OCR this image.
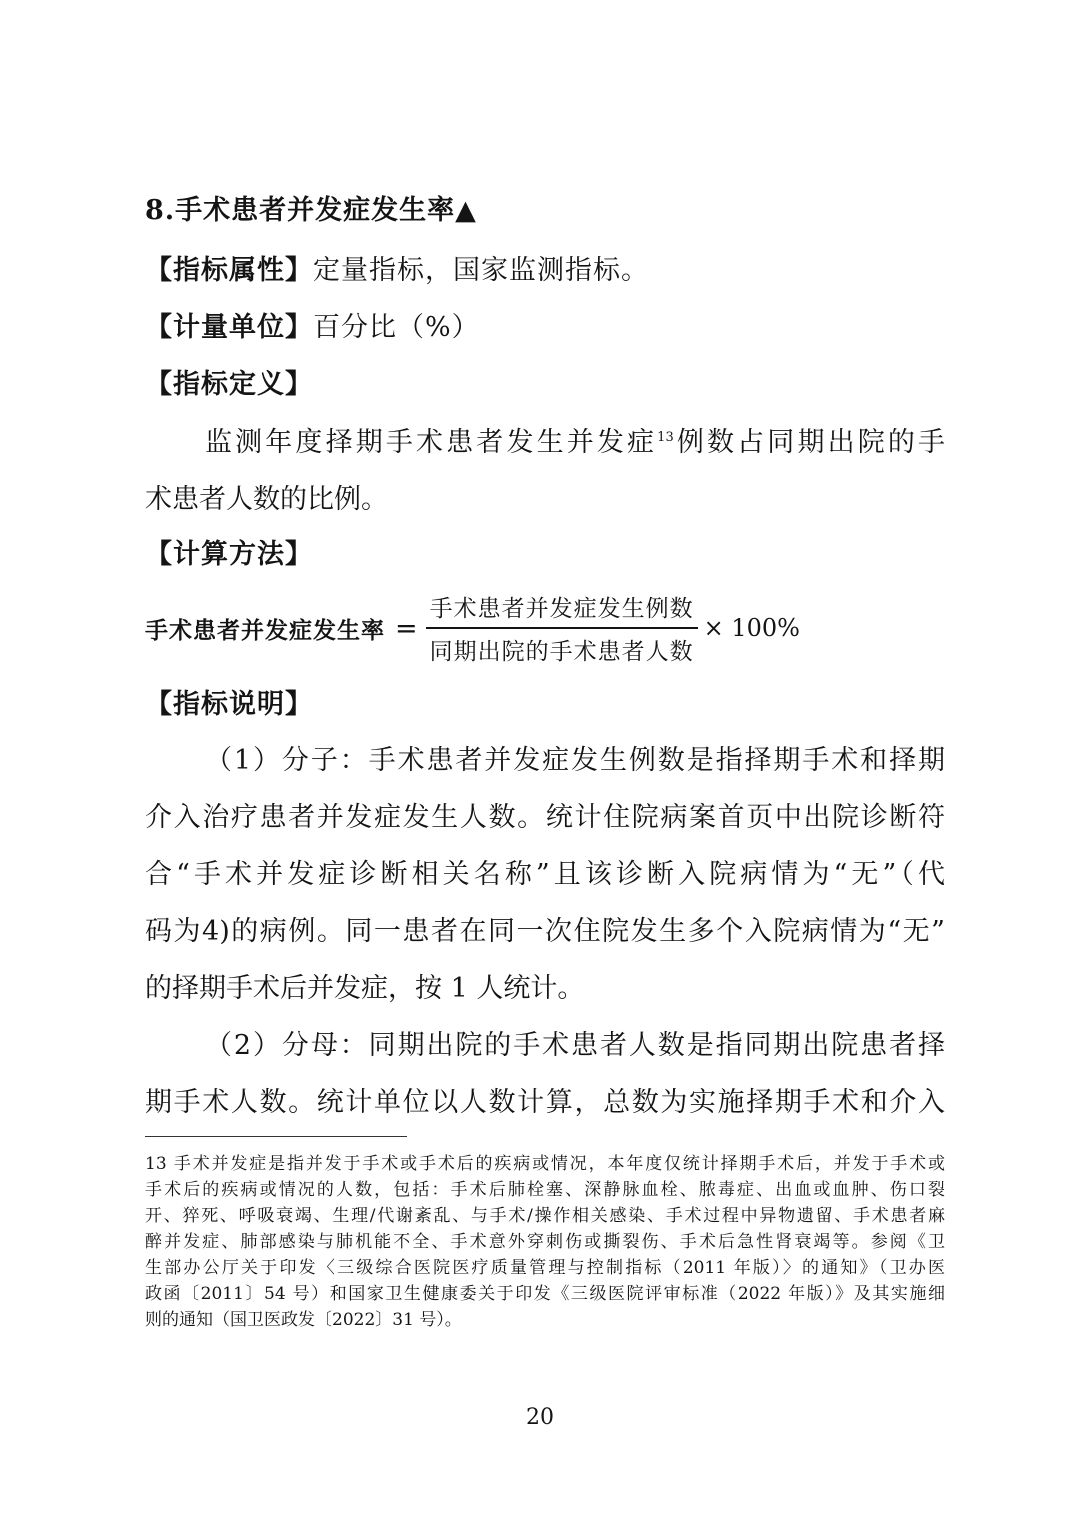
8.手术患者并发症发生率▲
【指标属性】定量指标，国家监测指标。
【计量单位】百分比（%）
【指标定义】
监测年度择期手术患者发生并发症$^{13}$例数占同期出院的手
术患者人数的比例。
【计算方法】
手术患者并发症发生率 = $\frac{\text{手术患者并发症发生例数}}{\text{同期出院的手术患者人数}} \times 100\%$
【指标说明】
（1）分子：手术患者并发症发生例数是指择期手术和择期
介入治疗患者并发症发生人数。统计住院病案首页中出院诊断符
合“手术并发症诊断相关名称”且该诊断入院病情为“无”（代
码为4)的病例。同一患者在同一次住院发生多个入院病情为“无”
的择期手术后并发症，按 1 人统计。
（2）分母：同期出院的手术患者人数是指同期出院患者择
期手术人数。统计单位以人数计算，总数为实施择期手术和介入
13 手术并发症是指并发于手术或手术后的疾病或情况，本年度仅统计择期手术后，并发于手术或
手术后的疾病或情况的人数，包括：手术后肺栓塞、深静脉血栓、脓毒症、出血或血肿、伤口裂
开、猝死、呼吸衰竭、生理/代谢紊乱、与手术/操作相关感染、手术过程中异物遗留、手术患者麻
醉并发症、肺部感染与肺机能不全、手术意外穿刺伤或撕裂伤、手术后急性肾衰竭等。参阅《卫
生部办公厅关于印发〈三级综合医院医疗质量管理与控制指标（2011 年版）〉的通知》（卫办医
政函〔2011〕54 号）和国家卫生健康委关于印发《三级医院评审标准（2022 年版）》及其实施细
则的通知（国卫医政发〔2022〕31 号）。
20
